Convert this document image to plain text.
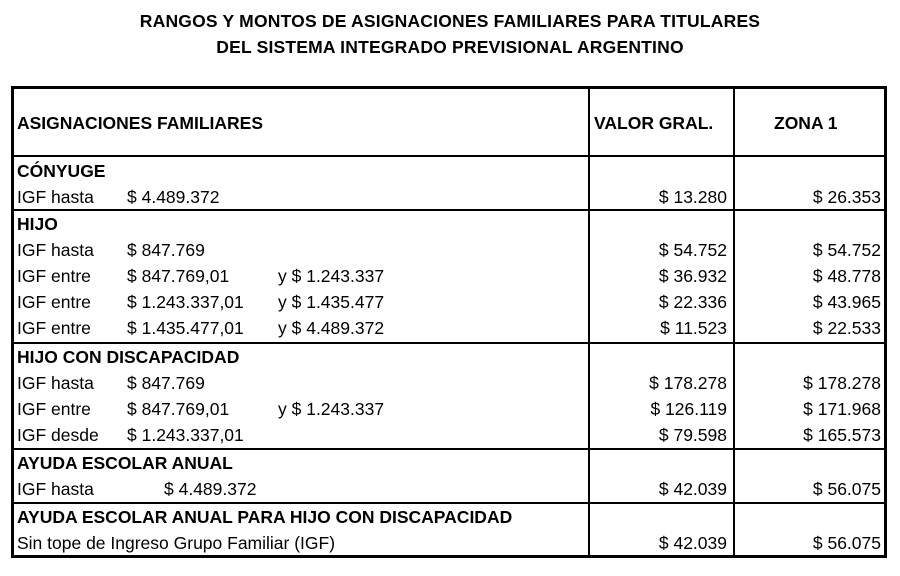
RANGOS Y MONTOS DE ASIGNACIONES FAMILIARES PARA TITULARES
DEL SISTEMA INTEGRADO PREVISIONAL ARGENTINO
ASIGNACIONES FAMILIARES	VALOR GRAL.	ZONA 1
CÓNYUGE
IGF hasta $ 4.489.372	$ 13.280	$ 26.353
HIJO
IGF hasta $ 847.769	$ 54.752	$ 54.752
IGF entre $ 847.769,01	y $ 1.243.337	$ 36.932	$ 48.778
IGF entre $ 1.243.337,01 y $ 1.435.477	$ 22.336	$ 43.965
IGF entre $ 1.435.477,01 y $ 4.489.372	$ 11.523	$ 22.533
HIJO CON DISCAPACIDAD
IGF hasta $ 847.769	$ 178.278	$ 178.278
IGF entre $ 847.769,01	y $ 1.243.337	$ 126.119	$ 171.968
IGF desde $ 1.243.337,01	$ 79.598	$ 165.573
AYUDA ESCOLAR ANUAL
IGF hasta	$ 4.489.372	$ 42.039	$ 56.075
AYUDA ESCOLAR ANUAL PARA HIJO CON DISCAPACIDAD
Sin tope de Ingreso Grupo Familiar (IGF)	$ 42.039	$ 56.075
